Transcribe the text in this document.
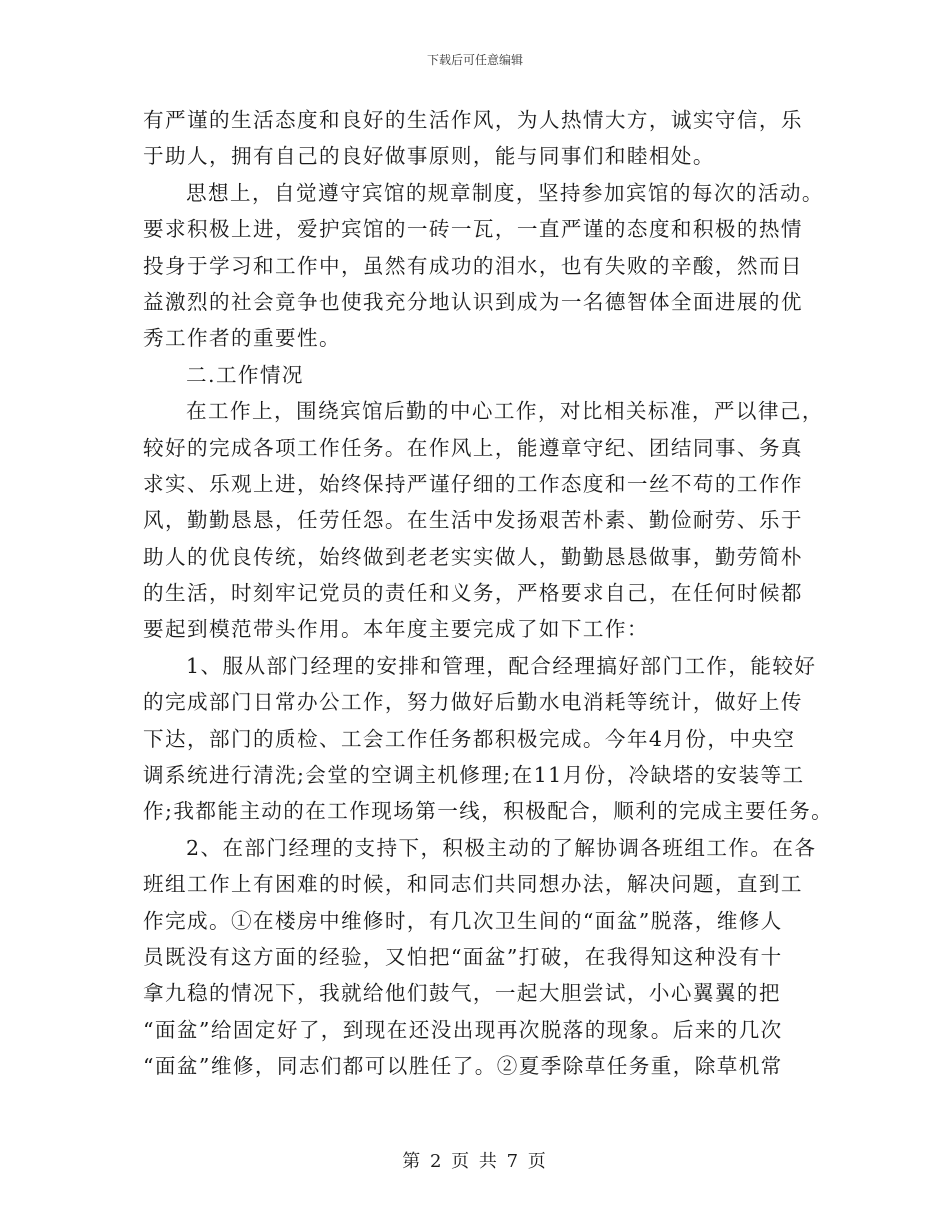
下载后可任意编辑
有严谨的生活态度和良好的生活作风，为人热情大方，诚实守信，乐
于助人，拥有自己的良好做事原则，能与同事们和睦相处。
思想上，自觉遵守宾馆的规章制度，坚持参加宾馆的每次的活动。
要求积极上进，爱护宾馆的一砖一瓦，一直严谨的态度和积极的热情
投身于学习和工作中，虽然有成功的泪水，也有失败的辛酸，然而日
益激烈的社会竟争也使我充分地认识到成为一名德智体全面进展的优
秀工作者的重要性。
二.工作情况
在工作上，围绕宾馆后勤的中心工作，对比相关标准，严以律己，
较好的完成各项工作任务。在作风上，能遵章守纪、团结同事、务真
求实、乐观上进，始终保持严谨仔细的工作态度和一丝不苟的工作作
风，勤勤恳恳，任劳任怨。在生活中发扬艰苦朴素、勤俭耐劳、乐于
助人的优良传统，始终做到老老实实做人，勤勤恳恳做事，勤劳简朴
的生活，时刻牢记党员的责任和义务，严格要求自己，在任何时候都
要起到模范带头作用。本年度主要完成了如下工作：
1、服从部门经理的安排和管理，配合经理搞好部门工作，能较好
的完成部门日常办公工作，努力做好后勤水电消耗等统计，做好上传
下达，部门的质检、工会工作任务都积极完成。今年4月份，中央空
调系统进行清洗;会堂的空调主机修理;在11月份，冷缺塔的安装等工
作;我都能主动的在工作现场第一线，积极配合，顺利的完成主要任务。
2、在部门经理的支持下，积极主动的了解协调各班组工作。在各
班组工作上有困难的时候，和同志们共同想办法，解决问题，直到工
作完成。①在楼房中维修时，有几次卫生间的“面盆”脱落，维修人
员既没有这方面的经验，又怕把“面盆”打破，在我得知这种没有十
拿九稳的情况下，我就给他们鼓气，一起大胆尝试，小心翼翼的把
“面盆”给固定好了，到现在还没出现再次脱落的现象。后来的几次
“面盆”维修，同志们都可以胜任了。②夏季除草任务重，除草机常
第 2 页 共 7 页
